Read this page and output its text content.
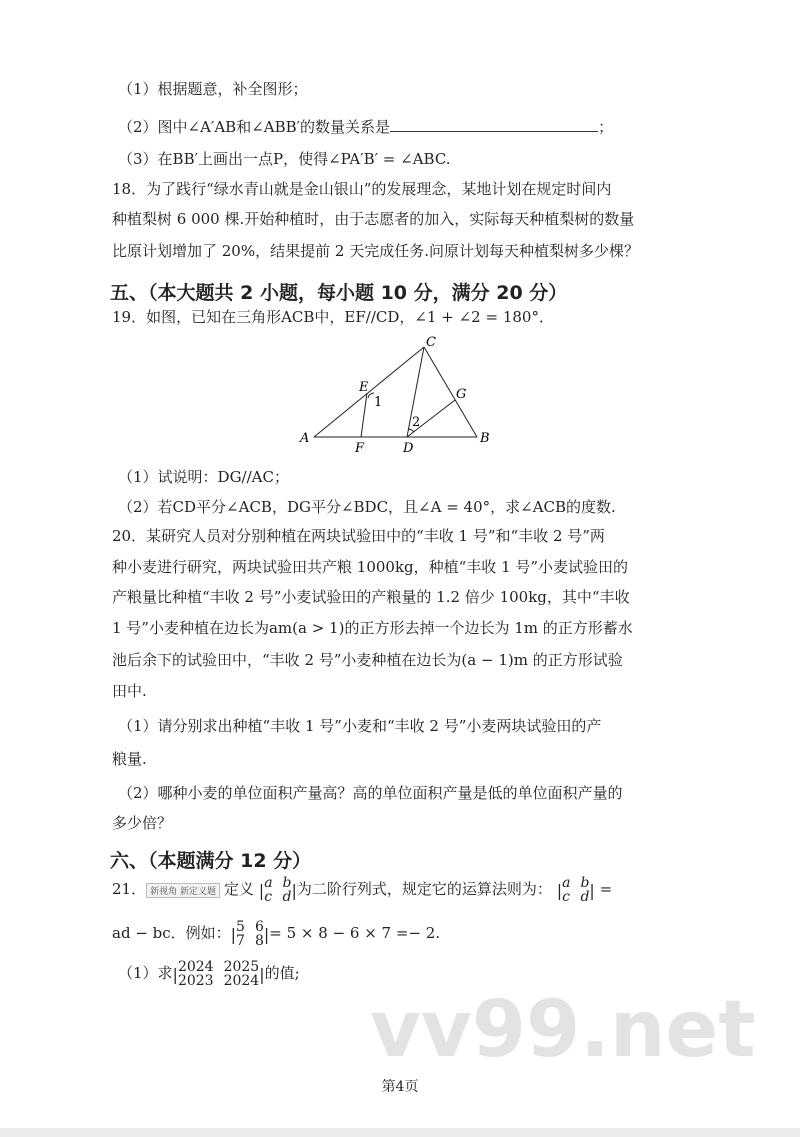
（1）根据题意，补全图形；
（2）图中∠A′AB和∠ABB′的数量关系是	；
（3）在BB′上画出一点P，使得∠PA′B′ = ∠ABC.
18．为了践行“绿水青山就是金山银山”的发展理念，某地计划在规定时间内
种植梨树 6 000 棵.开始种植时，由于志愿者的加入，实际每天种植梨树的数量
比原计划增加了 20%，结果提前 2 天完成任务.问原计划每天种植梨树多少棵？
五、（本大题共 2 小题，每小题 10 分，满分 20 分）
19．如图，已知在三角形ACB中，EF//CD，∠1 + ∠2 = 180°．
A	B
C
D
E
F
G
1
2
（1）试说明：DG//AC；
（2）若CD平分∠ACB，DG平分∠BDC，且∠A = 40°，求∠ACB的度数.
20．某研究人员对分别种植在两块试验田中的“丰收 1 号”和“丰收 2 号”两
种小麦进行研究，两块试验田共产粮 1000kg，种植“丰收 1 号”小麦试验田的
产粮量比种植“丰收 2 号”小麦试验田的产粮量的 1.2 倍少 100kg，其中“丰收
1 号”小麦种植在边长为am(a > 1)的正方形去掉一个边长为 1m 的正方形蓄水
池后余下的试验田中，“丰收 2 号”小麦种植在边长为(a − 1)m 的正方形试验
田中.
（1）请分别求出种植“丰收 1 号”小麦和“丰收 2 号”小麦两块试验田的产
粮量.
（2）哪种小麦的单位面积产量高？高的单位面积产量是低的单位面积产量的
多少倍？
六、（本题满分 12 分）
21． 新视角 新定义题 定义 | a b
c d | 为二阶行列式，规定它的运算法则为： | a b
c d | =
ad − bc．例如： | 5 6
7 8 | = 5 × 8 − 6 × 7 =− 2.
（1）求 | 2024 2025
2023 2024 | 的值;
vv99.net
第4页
